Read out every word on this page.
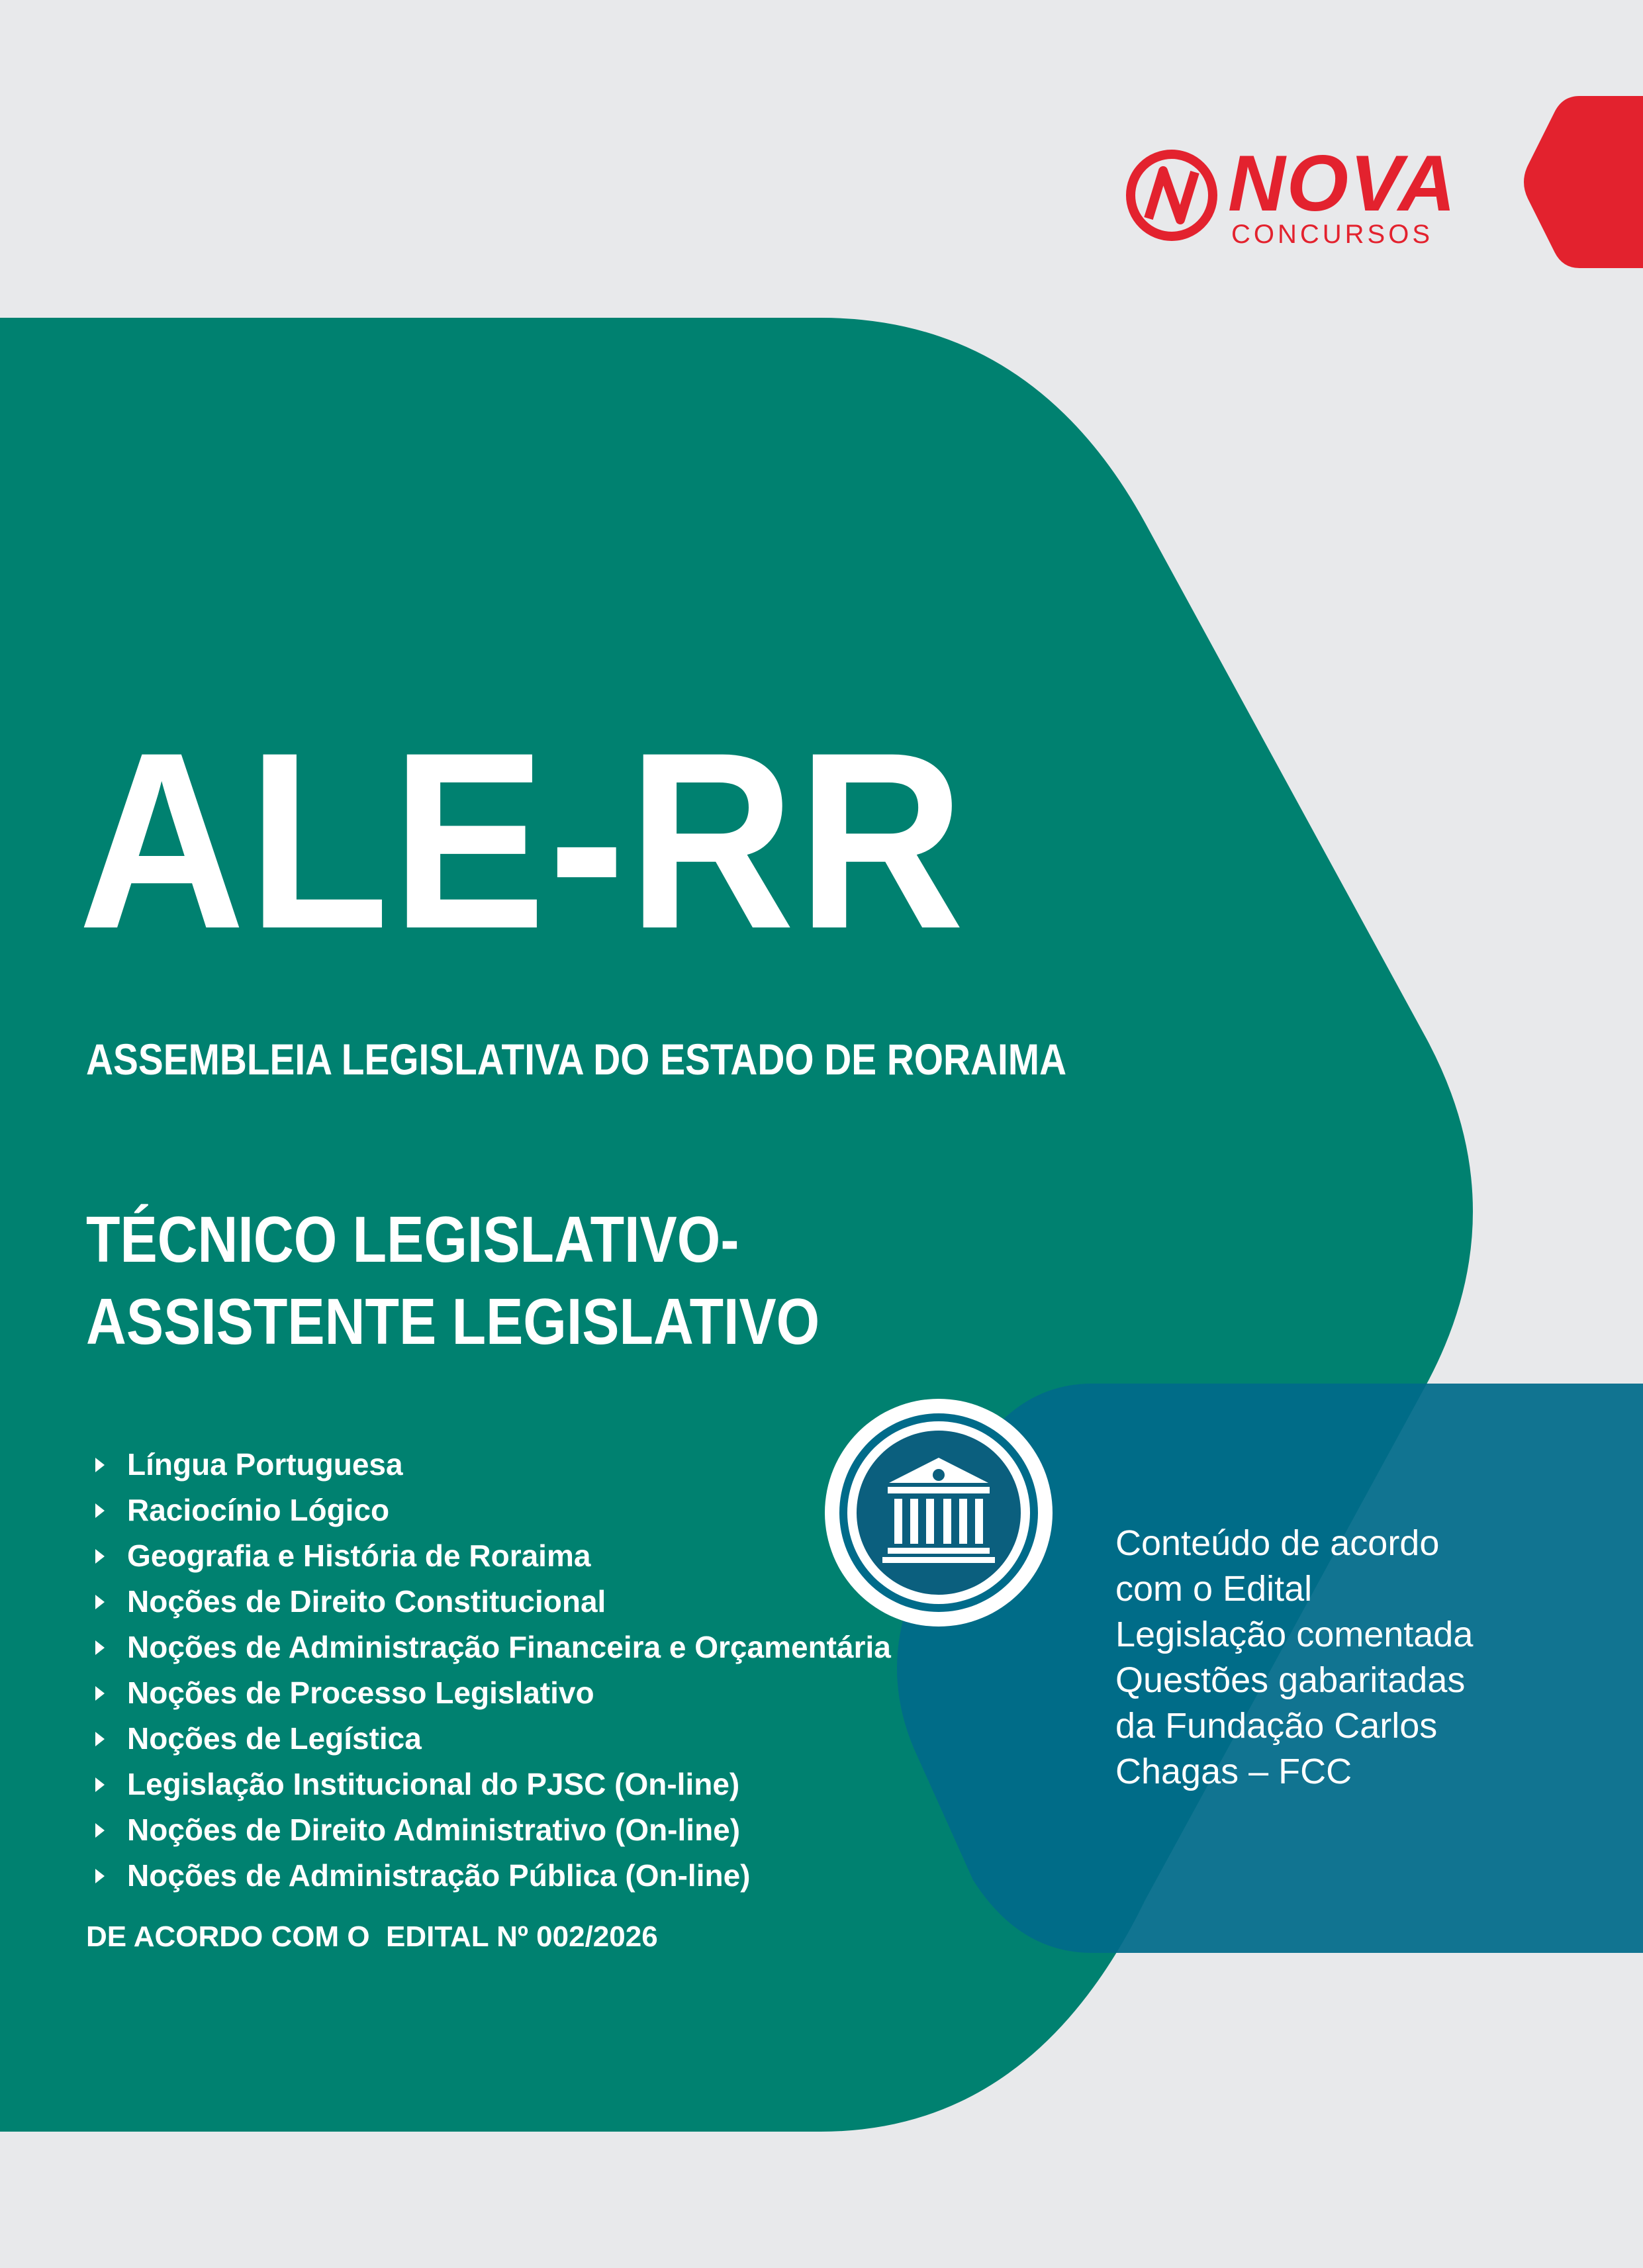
NOVA
CONCURSOS
ALE-RR
ASSEMBLEIA LEGISLATIVA DO ESTADO DE RORAIMA
TÉCNICO LEGISLATIVO-
ASSISTENTE LEGISLATIVO
Língua Portuguesa
Raciocínio Lógico
Geografia e História de Roraima
Noções de Direito Constitucional
Noções de Administração Financeira e Orçamentária
Noções de Processo Legislativo
Noções de Legística
Legislação Institucional do PJSC (On-line)
Noções de Direito Administrativo (On-line)
Noções de Administração Pública (On-line)
DE ACORDO COM O  EDITAL Nº 002/2026
Conteúdo de acordo
com o Edital
Legislação comentada
Questões gabaritadas
da Fundação Carlos
Chagas – FCC
